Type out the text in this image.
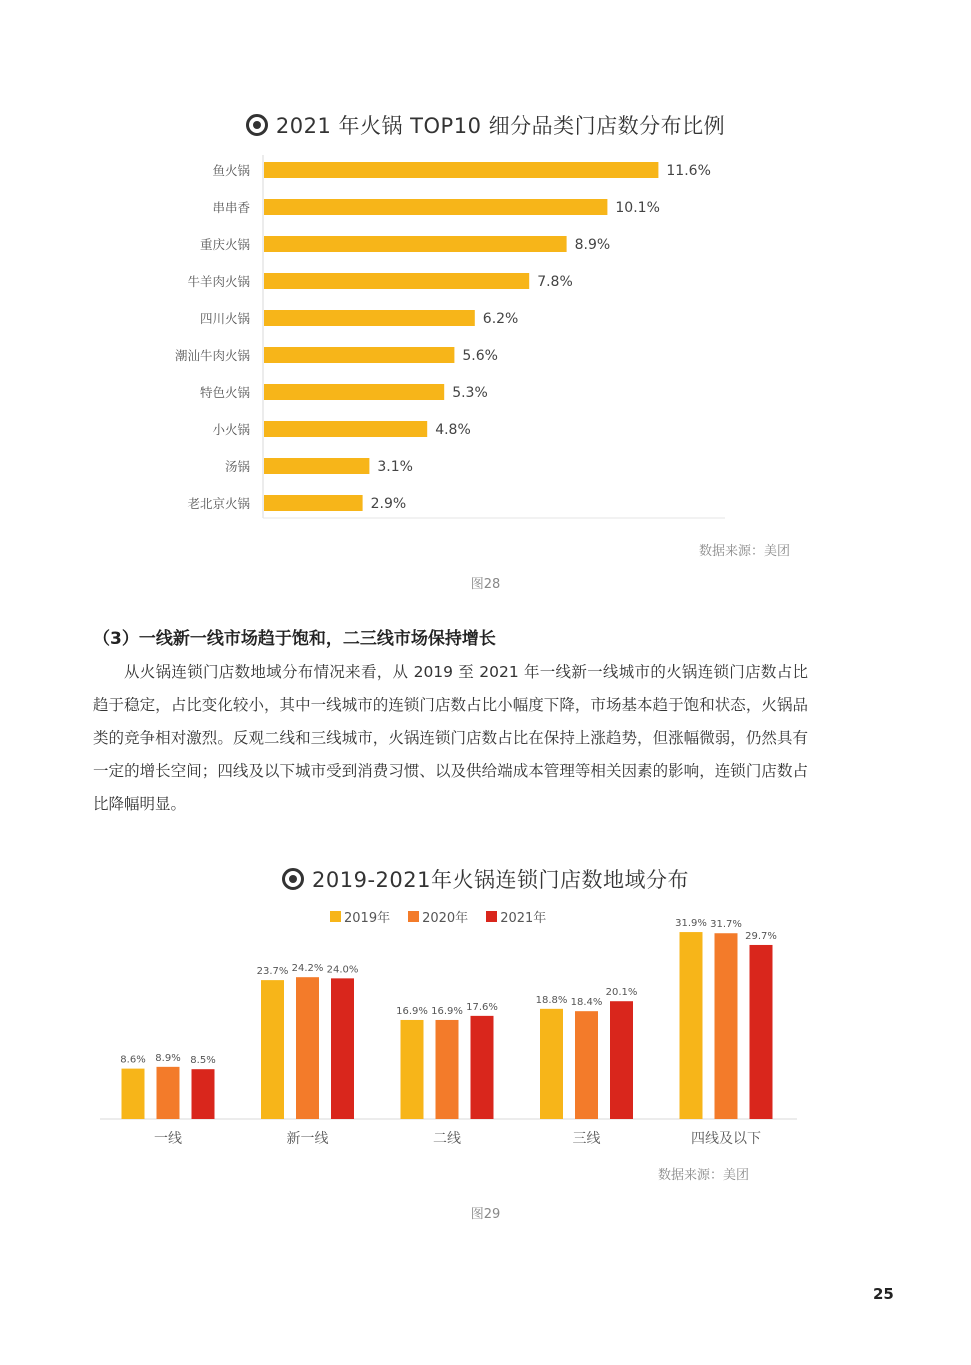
2021 年火锅 TOP10 细分品类门店数分布比例
鱼火锅	11.6%
串串香	10.1%
重庆火锅	8.9%
牛羊肉火锅	7.8%
四川火锅	6.2%
潮汕牛肉火锅	5.6%
特色火锅	5.3%
小火锅	4.8%
汤锅	3.1%
老北京火锅	2.9%
数据来源：美团
图28
（3）一线新一线市场趋于饱和，二三线市场保持增长

从火锅连锁门店数地域分布情况来看，从 2019 至 2021 年一线新一线城市的火锅连锁门店数占比趋于稳定，占比变化较小，其中一线城市的连锁门店数占比小幅度下降，市场基本趋于饱和状态，火锅品类的竞争相对激烈。反观二线和三线城市，火锅连锁门店数占比在保持上涨趋势，但涨幅微弱，仍然具有一定的增长空间；四线及以下城市受到消费习惯、以及供给端成本管理等相关因素的影响，连锁门店数占比降幅明显。

2019-2021年火锅连锁门店数地域分布
2019年 2020年 2021年
8.6% 8.9% 8.5%
一线
23.7% 24.2% 24.0%
新一线
16.9% 16.9% 17.6%
二线
18.8% 18.4%
20.1%
三线
31.9% 31.7%
29.7%
四线及以下
数据来源：美团
图29
25
